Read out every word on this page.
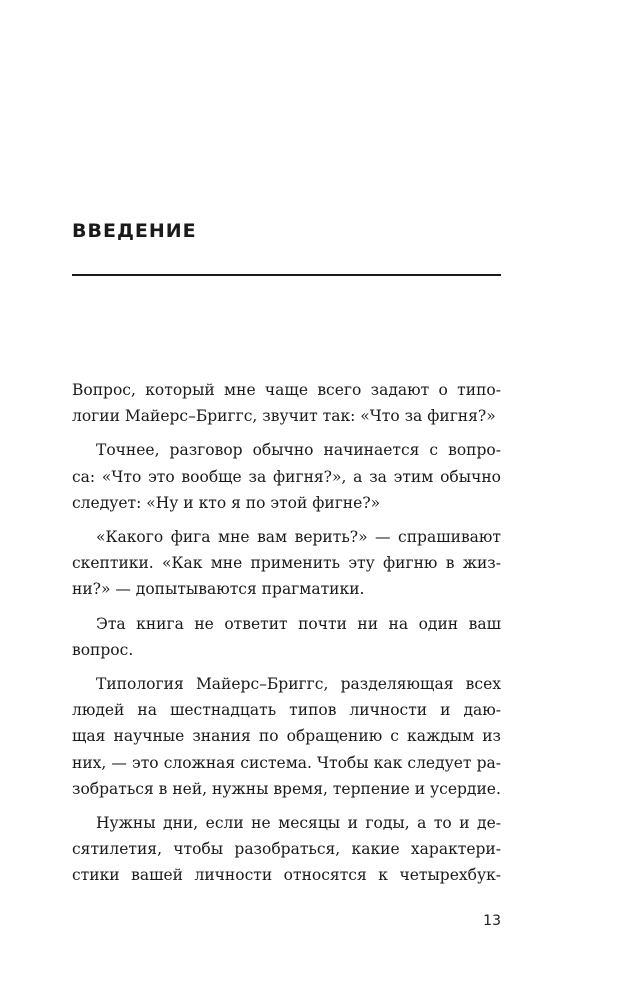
ВВЕДЕНИЕ

Вопрос, который мне чаще всего задают о типо-
логии Майерс–Бриггс, звучит так: «Что за фигня?»

Точнее, разговор обычно начинается с вопро-
са: «Что это вообще за фигня?», а за этим обычно
следует: «Ну и кто я по этой фигне?»

«Какого фига мне вам верить?» — спрашивают
скептики. «Как мне применить эту фигню в жиз-
ни?» — допытываются прагматики.

Эта книга не ответит почти ни на один ваш
вопрос.

Типология Майерс–Бриггс, разделяющая всех
людей на шестнадцать типов личности и даю-
щая научные знания по обращению с каждым из
них, — это сложная система. Чтобы как следует ра-
зобраться в ней, нужны время, терпение и усердие.

Нужны дни, если не месяцы и годы, а то и де-
сятилетия, чтобы разобраться, какие характери-
стики вашей личности относятся к четырехбук-

13
